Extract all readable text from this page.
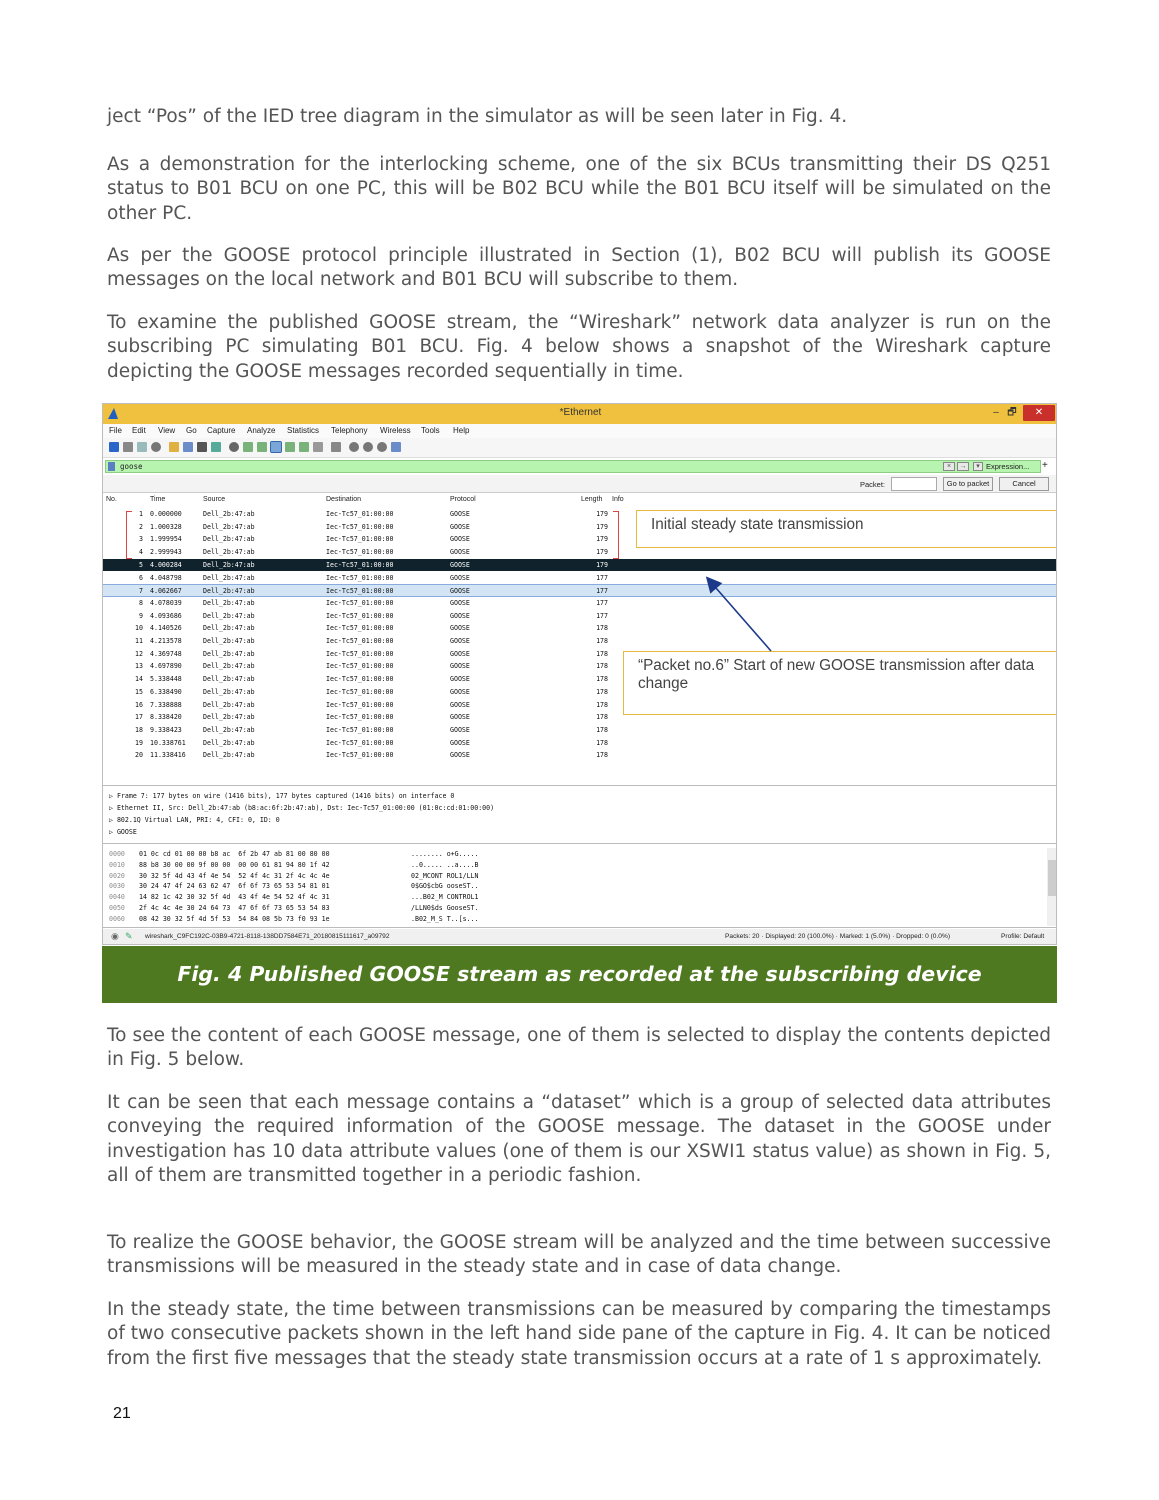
ject “Pos” of the IED tree diagram in the simulator as will be seen later in Fig. 4.

As a demonstration for the interlocking scheme, one of the six BCUs transmitting their DS Q251 status to B01 BCU on one PC, this will be B02 BCU while the B01 BCU itself will be simulated on the other PC.

As per the GOOSE protocol principle illustrated in Section (1), B02 BCU will publish its GOOSE messages on the local network and B01 BCU will subscribe to them.

To examine the published GOOSE stream, the “Wireshark” network data analyzer is run on the subscribing PC simulating B01 BCU. Fig. 4 below shows a snapshot of the Wireshark capture depicting the GOOSE messages recorded sequentially in time.

*Ethernet	– 🗗	✕
File Edit View Go Capture Analyze Statistics Telephony Wireless Tools Help
goose	×	→	▾ Expression... +
Packet:	Go to packet	Cancel
No.	Time	Source	Destination	Protocol	Length Info
1 0.000000	Dell_2b:47:ab	Iec-Tc57_01:00:00	GOOSE	179
2 1.000328	Dell_2b:47:ab	Iec-Tc57_01:00:00	GOOSE	179
3 1.999954	Dell_2b:47:ab	Iec-Tc57_01:00:00	GOOSE	179
4 2.999943	Dell_2b:47:ab	Iec-Tc57_01:00:00	GOOSE	179
5 4.000284	Dell_2b:47:ab	Iec-Tc57_01:00:00	GOOSE	179
6 4.048798	Dell_2b:47:ab	Iec-Tc57_01:00:00	GOOSE	177
7 4.062667	Dell_2b:47:ab	Iec-Tc57_01:00:00	GOOSE	177
8 4.078039	Dell_2b:47:ab	Iec-Tc57_01:00:00	GOOSE	177
9 4.093686	Dell_2b:47:ab	Iec-Tc57_01:00:00	GOOSE	177
10 4.140526	Dell_2b:47:ab	Iec-Tc57_01:00:00	GOOSE	178
11 4.213578	Dell_2b:47:ab	Iec-Tc57_01:00:00	GOOSE	178
12 4.369748	Dell_2b:47:ab	Iec-Tc57_01:00:00	GOOSE	178
13 4.697890	Dell_2b:47:ab	Iec-Tc57_01:00:00	GOOSE	178
14 5.338448	Dell_2b:47:ab	Iec-Tc57_01:00:00	GOOSE	178
15 6.338490	Dell_2b:47:ab	Iec-Tc57_01:00:00	GOOSE	178
16 7.338888	Dell_2b:47:ab	Iec-Tc57_01:00:00	GOOSE	178
17 8.338420	Dell_2b:47:ab	Iec-Tc57_01:00:00	GOOSE	178
18 9.338423	Dell_2b:47:ab	Iec-Tc57_01:00:00	GOOSE	178
19 10.338761	Dell_2b:47:ab	Iec-Tc57_01:00:00	GOOSE	178
20 11.338416	Dell_2b:47:ab	Iec-Tc57_01:00:00	GOOSE	178
▷ Frame 7: 177 bytes on wire (1416 bits), 177 bytes captured (1416 bits) on interface 0
▷ Ethernet II, Src: Dell_2b:47:ab (b8:ac:6f:2b:47:ab), Dst: Iec-Tc57_01:00:00 (01:0c:cd:01:00:00)
▷ 802.1Q Virtual LAN, PRI: 4, CFI: 0, ID: 0
▷ GOOSE
0000 01 0c cd 01 00 00 b8 ac  6f 2b 47 ab 81 00 80 00	........ o+G.....
0010 88 b8 30 00 00 9f 00 00  00 00 61 81 94 80 1f 42	..0..... ..a....B
0020 30 32 5f 4d 43 4f 4e 54  52 4f 4c 31 2f 4c 4c 4e	02_MCONT ROL1/LLN
0030 30 24 47 4f 24 63 62 47  6f 6f 73 65 53 54 81 01	0$GO$cbG ooseST..
0040 14 82 1c 42 30 32 5f 4d  43 4f 4e 54 52 4f 4c 31	...B02_M CONTROL1
0050 2f 4c 4c 4e 30 24 64 73  47 6f 6f 73 65 53 54 83	/LLN0$ds GooseST.
0060 08 42 30 32 5f 4d 5f 53  54 84 08 5b 73 f0 93 1e	.B02_M_S T..[s...
◉ ✎ wireshark_C9FC192C-03B9-4721-8118-138DD7584E71_20180815111617_a09792	Packets: 20 · Displayed: 20 (100.0%) · Marked: 1 (5.0%) · Dropped: 0 (0.0%)	Profile: Default
Initial steady state transmission
“Packet no.6” Start of new GOOSE transmission after data change
Fig. 4 Published GOOSE stream as recorded at the subscribing device

To see the content of each GOOSE message, one of them is selected to display the contents depicted in Fig. 5 below.

It can be seen that each message contains a “dataset” which is a group of selected data attributes conveying the required information of the GOOSE message. The dataset in the GOOSE under investigation has 10 data attribute values (one of them is our XSWI1 status value) as shown in Fig. 5, all of them are transmitted together in a periodic fashion.

To realize the GOOSE behavior, the GOOSE stream will be analyzed and the time between successive transmissions will be measured in the steady state and in case of data change.

In the steady state, the time between transmissions can be measured by comparing the timestamps of two consecutive packets shown in the left hand side pane of the capture in Fig. 4. It can be noticed from the first five messages that the steady state transmission occurs at a rate of 1 s approximately.

21
